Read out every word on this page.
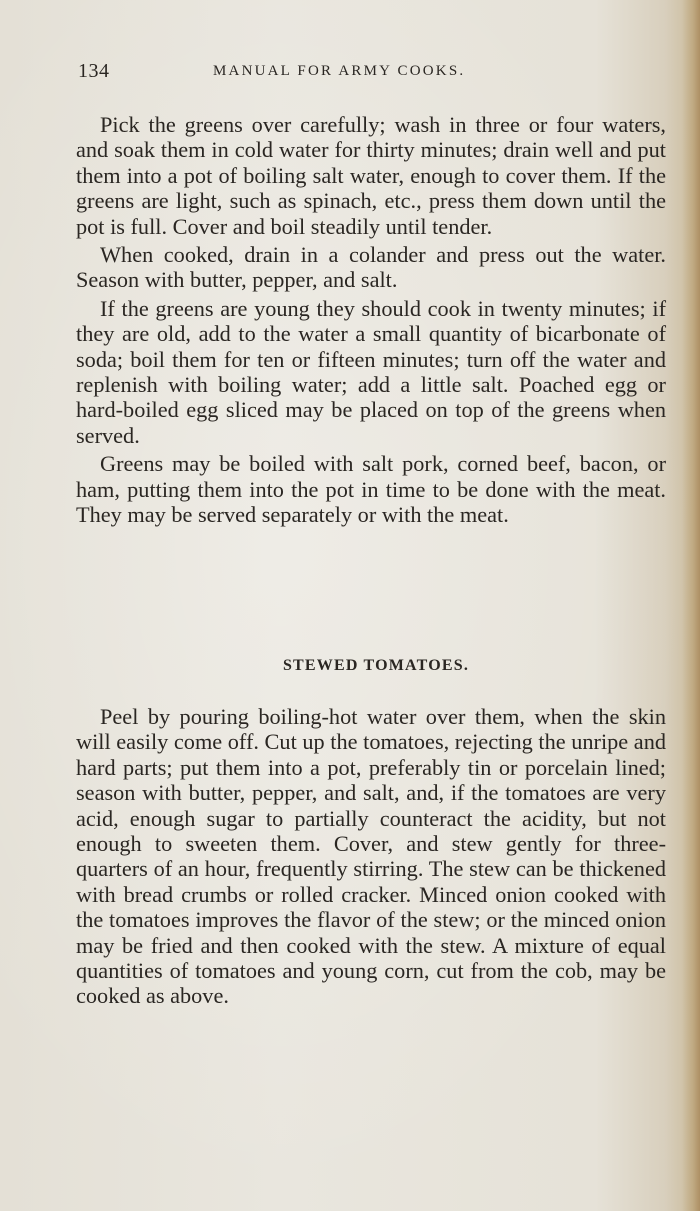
134	MANUAL FOR ARMY COOKS.

Pick the greens over carefully; wash in three or four waters, and soak them in cold water for thirty minutes; drain well and put them into a pot of boiling salt water, enough to cover them. If the greens are light, such as spinach, etc., press them down until the pot is full. Cover and boil steadily until tender.

When cooked, drain in a colander and press out the water. Season with butter, pepper, and salt.

If the greens are young they should cook in twenty minutes; if they are old, add to the water a small quantity of bicarbonate of soda; boil them for ten or fifteen minutes; turn off the water and replenish with boiling water; add a little salt. Poached egg or hard-boiled egg sliced may be placed on top of the greens when served.

Greens may be boiled with salt pork, corned beef, bacon, or ham, putting them into the pot in time to be done with the meat. They may be served separately or with the meat.

STEWED TOMATOES.

Peel by pouring boiling-hot water over them, when the skin will easily come off. Cut up the tomatoes, rejecting the unripe and hard parts; put them into a pot, preferably tin or porcelain lined; season with butter, pepper, and salt, and, if the tomatoes are very acid, enough sugar to partially counteract the acidity, but not enough to sweeten them. Cover, and stew gently for three-quarters of an hour, frequently stirring. The stew can be thickened with bread crumbs or rolled cracker. Minced onion cooked with the tomatoes improves the flavor of the stew; or the minced onion may be fried and then cooked with the stew. A mixture of equal quantities of tomatoes and young corn, cut from the cob, may be cooked as above.
